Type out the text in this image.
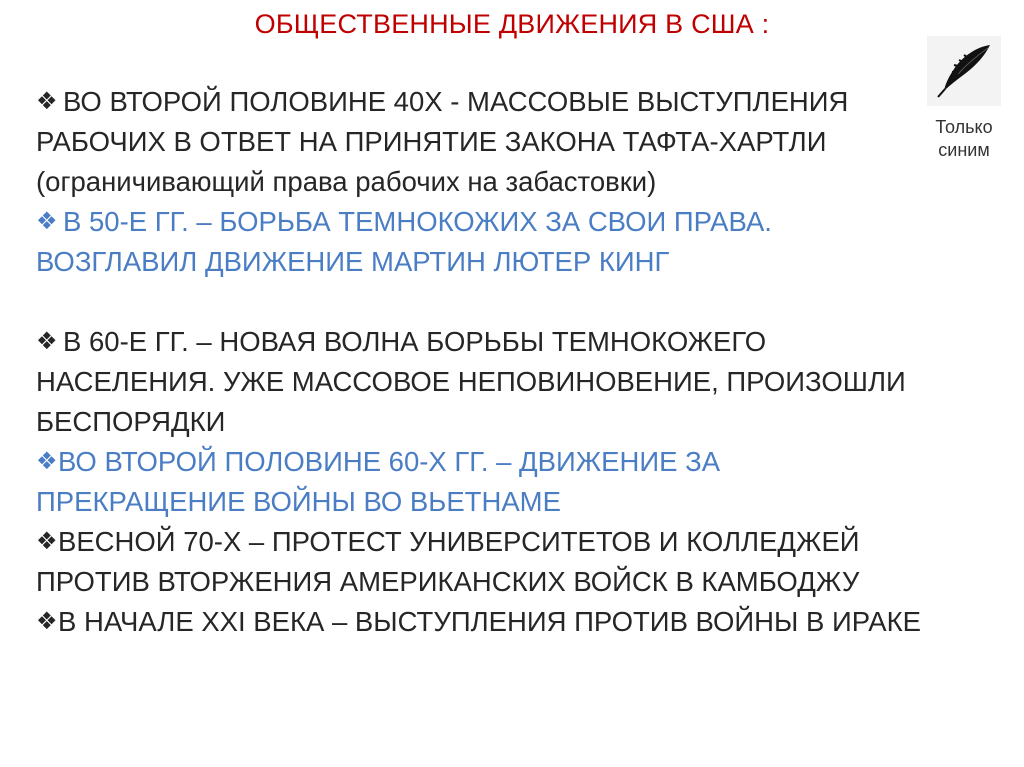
ОБЩЕСТВЕННЫЕ ДВИЖЕНИЯ В США :
❖ ВО ВТОРОЙ ПОЛОВИНЕ 40Х - МАССОВЫЕ ВЫСТУПЛЕНИЯ
РАБОЧИХ В ОТВЕТ НА ПРИНЯТИЕ ЗАКОНА ТАФТА-ХАРТЛИ
(ограничивающий права рабочих на забастовки)
❖ В 50-Е ГГ. – БОРЬБА ТЕМНОКОЖИХ ЗА СВОИ ПРАВА.
ВОЗГЛАВИЛ ДВИЖЕНИЕ МАРТИН ЛЮТЕР КИНГ
❖ В 60-Е ГГ. – НОВАЯ ВОЛНА БОРЬБЫ ТЕМНОКОЖЕГО
НАСЕЛЕНИЯ. УЖЕ МАССОВОЕ НЕПОВИНОВЕНИЕ, ПРОИЗОШЛИ
БЕСПОРЯДКИ
❖ВО ВТОРОЙ ПОЛОВИНЕ 60-Х ГГ. – ДВИЖЕНИЕ ЗА
ПРЕКРАЩЕНИЕ ВОЙНЫ ВО ВЬЕТНАМЕ
❖ВЕСНОЙ 70-Х – ПРОТЕСТ УНИВЕРСИТЕТОВ И КОЛЛЕДЖЕЙ
ПРОТИВ ВТОРЖЕНИЯ АМЕРИКАНСКИХ ВОЙСК В КАМБОДЖУ
❖В НАЧАЛЕ XXI ВЕКА – ВЫСТУПЛЕНИЯ ПРОТИВ ВОЙНЫ В ИРАКЕ
Только
синим
